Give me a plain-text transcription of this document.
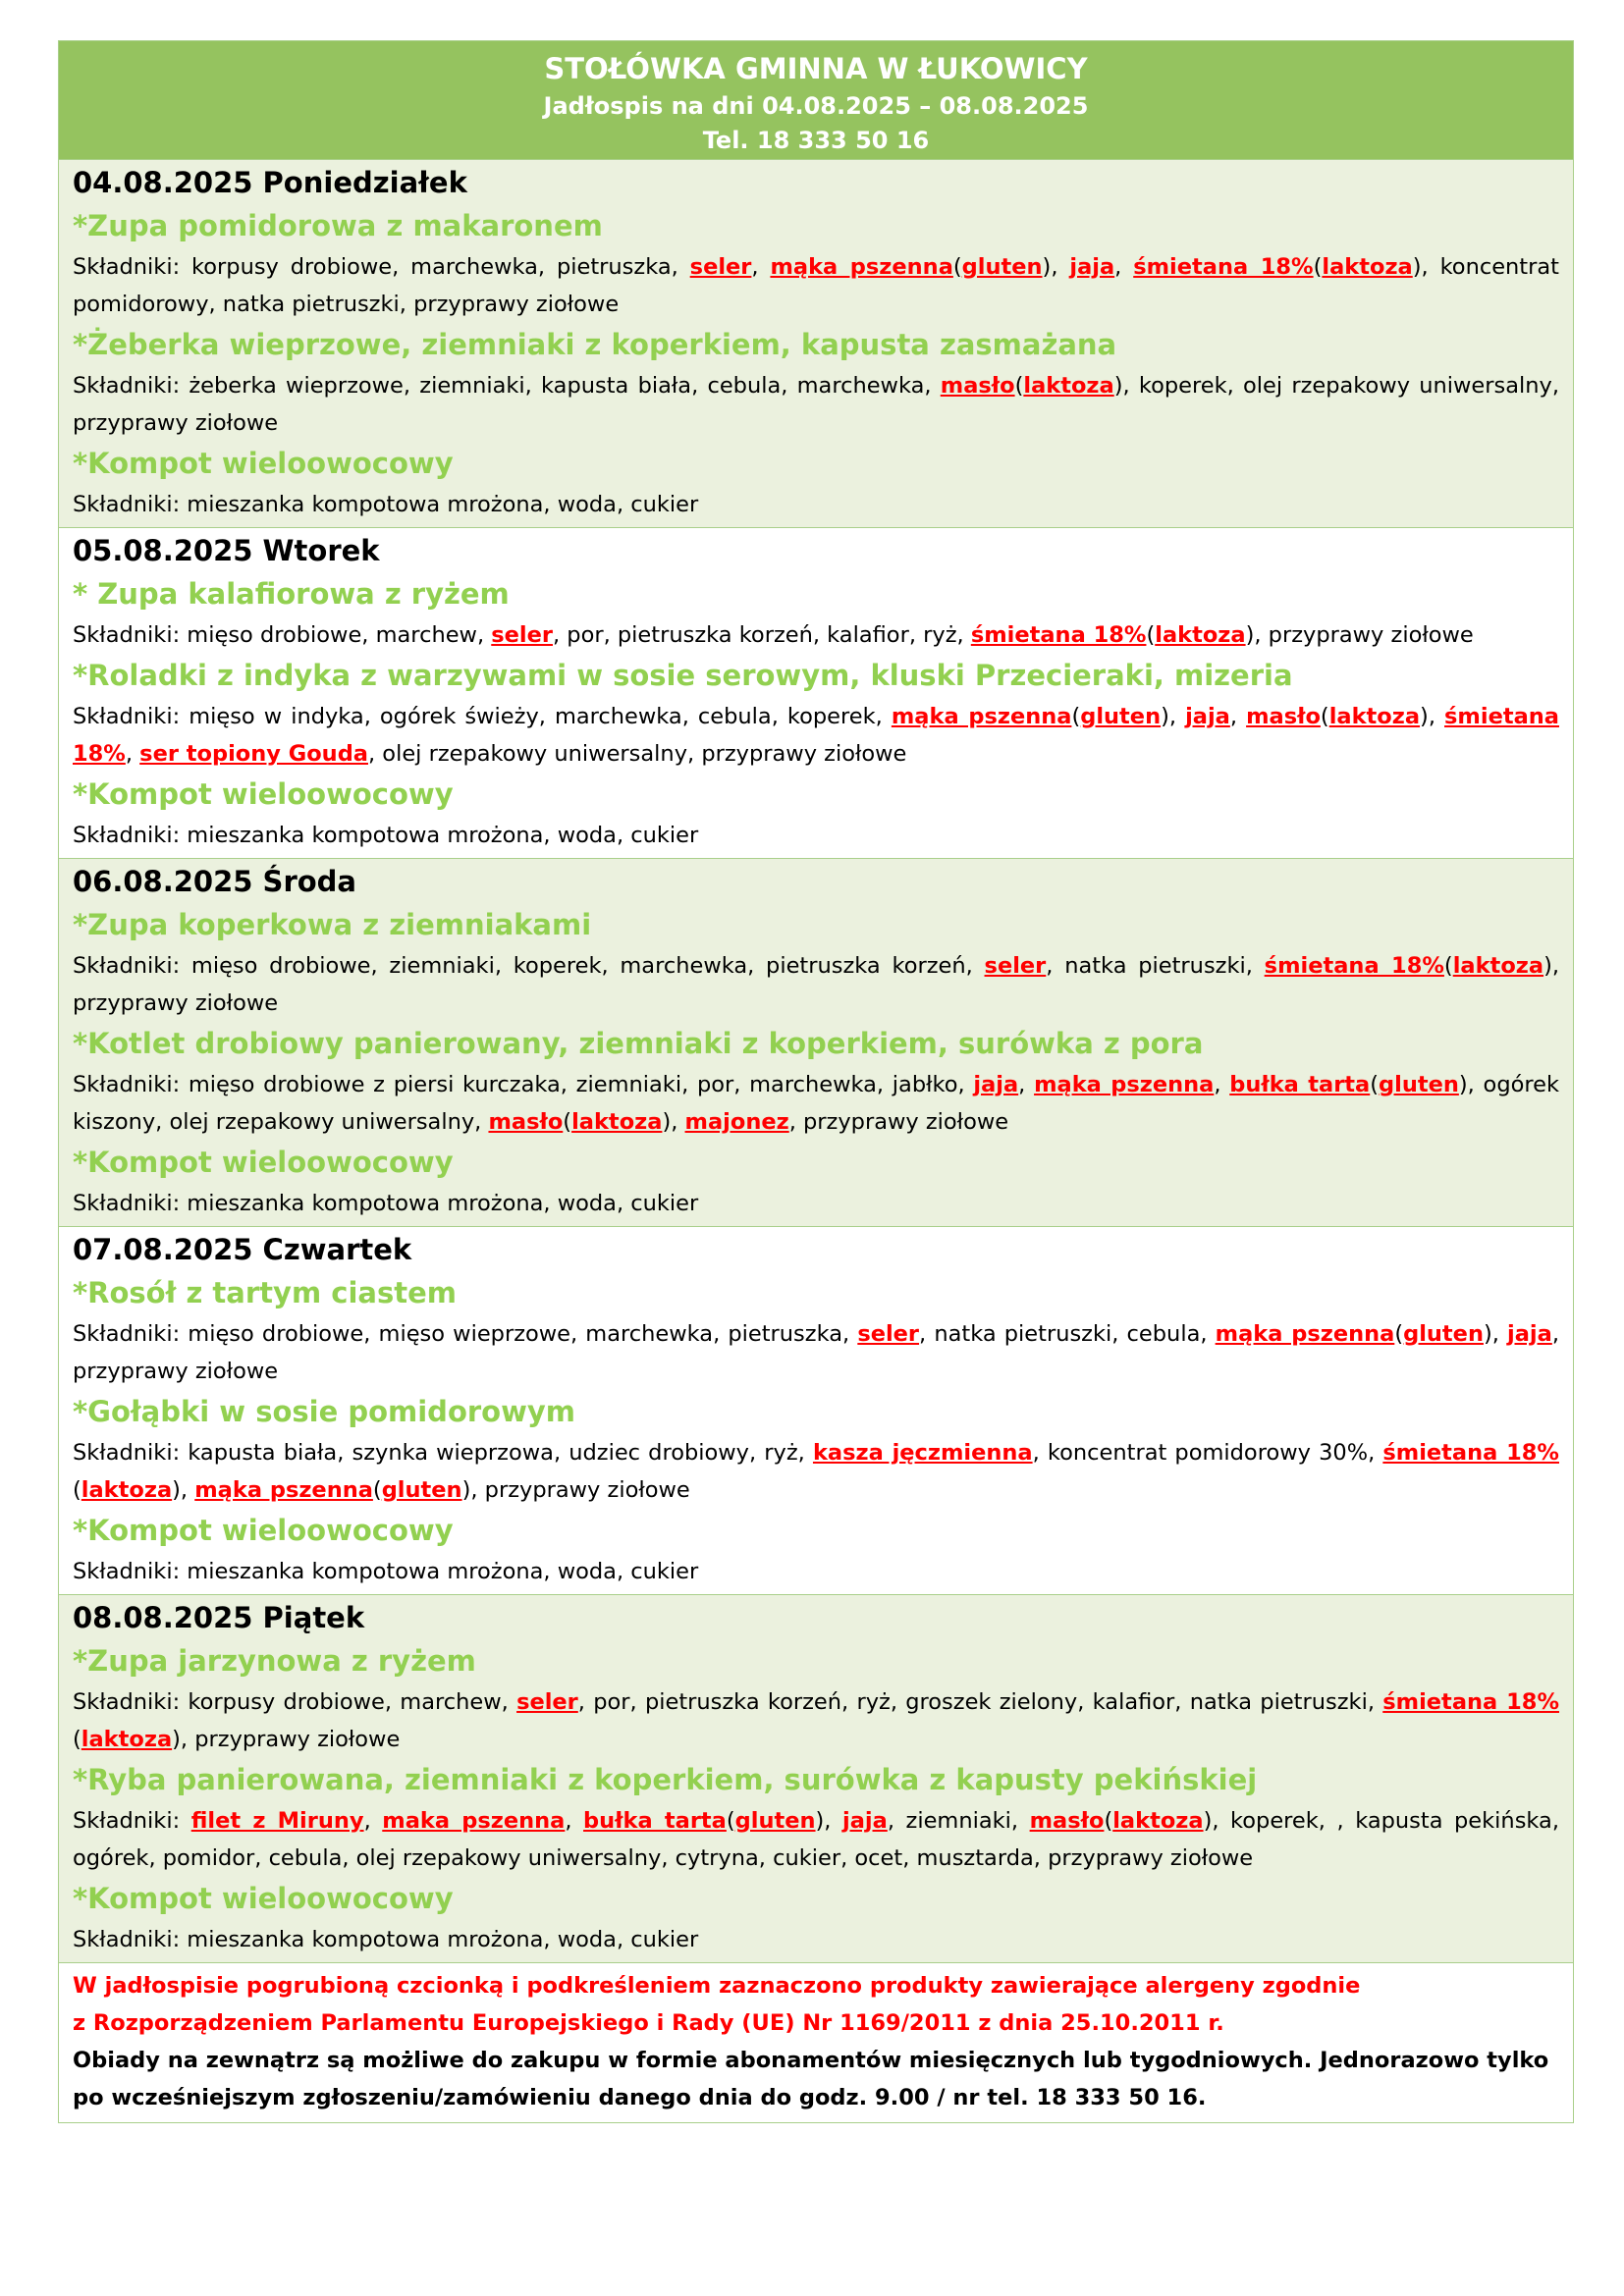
STOŁÓWKA GMINNA W ŁUKOWICY
Jadłospis na dni 04.08.2025 – 08.08.2025
Tel. 18 333 50 16
04.08.2025 Poniedziałek
*Zupa pomidorowa z makaronem
Składniki: korpusy drobiowe, marchewka, pietruszka, seler, mąka pszenna(gluten), jaja, śmietana 18%(laktoza), koncentrat pomidorowy, natka pietruszki, przyprawy ziołowe
*Żeberka wieprzowe, ziemniaki z koperkiem, kapusta zasmażana
Składniki: żeberka wieprzowe, ziemniaki, kapusta biała, cebula, marchewka, masło(laktoza), koperek, olej rzepakowy uniwersalny, przyprawy ziołowe
*Kompot wieloowocowy
Składniki: mieszanka kompotowa mrożona, woda, cukier
05.08.2025 Wtorek
* Zupa kalafiorowa z ryżem
Składniki: mięso drobiowe, marchew, seler, por, pietruszka korzeń, kalafior, ryż, śmietana 18%(laktoza), przyprawy ziołowe
*Roladki z indyka z warzywami w sosie serowym, kluski Przecieraki, mizeria
Składniki: mięso w indyka, ogórek świeży, marchewka, cebula, koperek, mąka pszenna(gluten), jaja, masło(laktoza), śmietana 18%, ser topiony Gouda, olej rzepakowy uniwersalny, przyprawy ziołowe
*Kompot wieloowocowy
Składniki: mieszanka kompotowa mrożona, woda, cukier
06.08.2025 Środa
*Zupa koperkowa z ziemniakami
Składniki: mięso drobiowe, ziemniaki, koperek, marchewka, pietruszka korzeń, seler, natka pietruszki, śmietana 18%(laktoza), przyprawy ziołowe
*Kotlet drobiowy panierowany, ziemniaki z koperkiem, surówka z pora
Składniki: mięso drobiowe z piersi kurczaka, ziemniaki, por, marchewka, jabłko, jaja, mąka pszenna, bułka tarta(gluten), ogórek kiszony, olej rzepakowy uniwersalny, masło(laktoza), majonez, przyprawy ziołowe
*Kompot wieloowocowy
Składniki: mieszanka kompotowa mrożona, woda, cukier
07.08.2025 Czwartek
*Rosół z tartym ciastem
Składniki: mięso drobiowe, mięso wieprzowe, marchewka, pietruszka, seler, natka pietruszki, cebula, mąka pszenna(gluten), jaja, przyprawy ziołowe
*Gołąbki w sosie pomidorowym
Składniki: kapusta biała, szynka wieprzowa, udziec drobiowy, ryż, kasza jęczmienna, koncentrat pomidorowy 30%, śmietana 18%(laktoza), mąka pszenna(gluten), przyprawy ziołowe
*Kompot wieloowocowy
Składniki: mieszanka kompotowa mrożona, woda, cukier
08.08.2025 Piątek
*Zupa jarzynowa z ryżem
Składniki: korpusy drobiowe, marchew, seler, por, pietruszka korzeń, ryż, groszek zielony, kalafior, natka pietruszki, śmietana 18%(laktoza), przyprawy ziołowe
*Ryba panierowana, ziemniaki z koperkiem, surówka z kapusty pekińskiej
Składniki: filet z Miruny, maka pszenna, bułka tarta(gluten), jaja, ziemniaki, masło(laktoza), koperek, , kapusta pekińska, ogórek, pomidor, cebula, olej rzepakowy uniwersalny, cytryna, cukier, ocet, musztarda, przyprawy ziołowe
*Kompot wieloowocowy
Składniki: mieszanka kompotowa mrożona, woda, cukier
W jadłospisie pogrubioną czcionką i podkreśleniem zaznaczono produkty zawierające alergeny zgodnie
z Rozporządzeniem Parlamentu Europejskiego i Rady (UE) Nr 1169/2011 z dnia 25.10.2011 r.
Obiady na zewnątrz są możliwe do zakupu w formie abonamentów miesięcznych lub tygodniowych. Jednorazowo tylko po wcześniejszym zgłoszeniu/zamówieniu danego dnia do godz. 9.00 / nr tel. 18 333 50 16.
